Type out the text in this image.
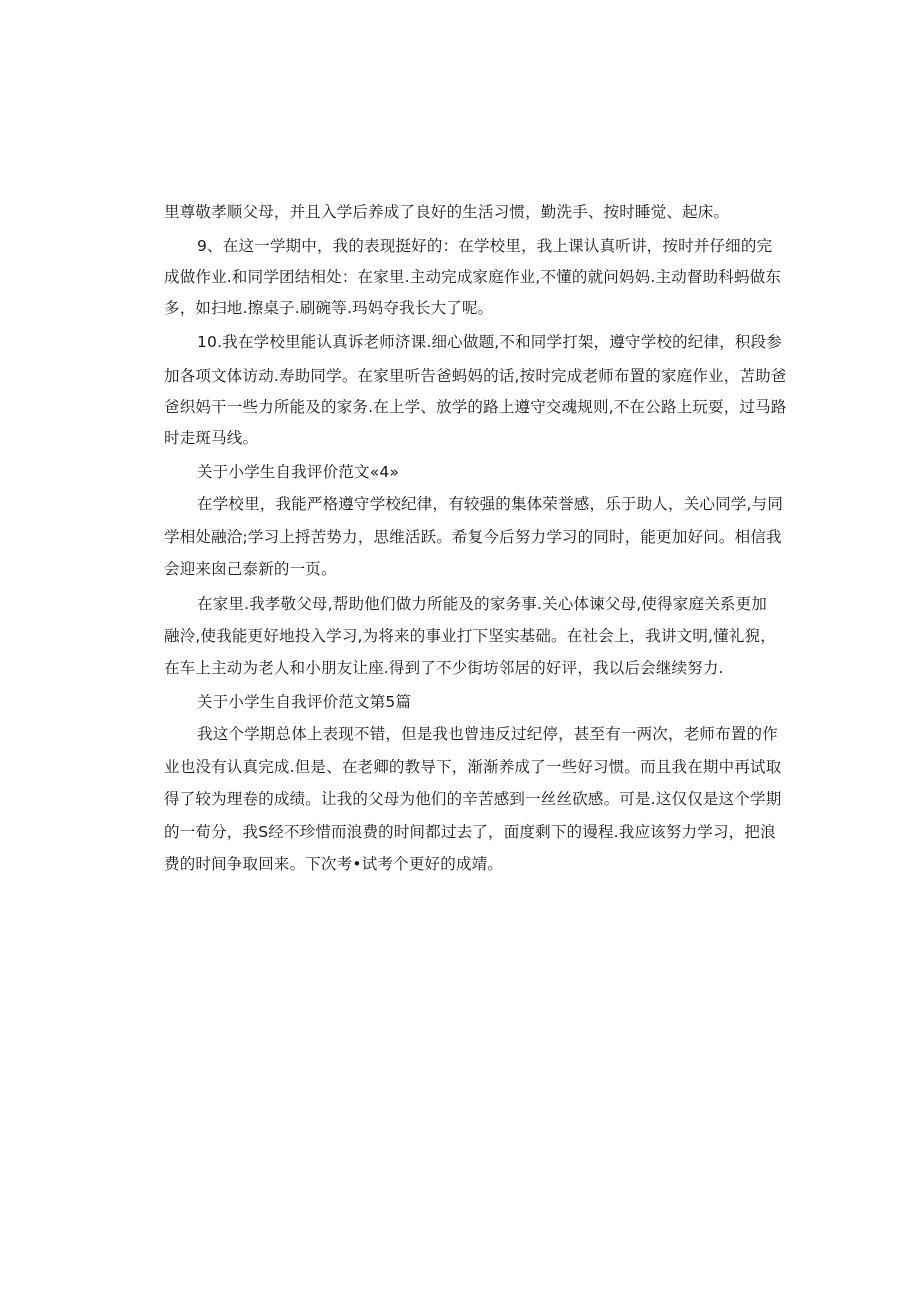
里尊敬孝顺父母，并且入学后养成了良好的生活习惯，勤洗手、按时睡觉、起床。
9、在这一学期中，我的表现挺好的：在学校里，我上课认真听讲，按时并仔细的完
成做作业.和同学团结相处：在家里.主动完成家庭作业,不懂的就问妈妈.主动督助科蚂做东
多，如扫地.擦桌子.刷碗等.玛妈夺我长大了呢。
10.我在学校里能认真诉老师济课.细心做题,不和同学打架，遵守学校的纪律，积段参
加各项文体访动.寿助同学。在家里听告爸蚂妈的话,按时完成老师布置的家庭作业，苫助爸
爸织妈干一些力所能及的家务.在上学、放学的路上遵守交魂规则,不在公路上玩耍，过马路
时走斑马线。
关于小学生自我评价范文«4»
在学校里，我能严格遵守学校纪律，有较强的集体荣誉感，乐于助人，关心同学,与同
学相处融洽;学习上捋苦势力，思维活跃。希复今后努力学习的同时，能更加好问。相信我
会迎来囱己泰新的一页。
在家里.我孝敬父母,帮助他们做力所能及的家务事.关心体谏父母,使得家庭关系更加
融泠,使我能更好地投入学习,为将来的事业打下坚实基础。在社会上，我讲文明,懂礼猊，
在车上主动为老人和小朋友让座.得到了不少街坊邻居的好评，我以后会继续努力.
关于小学生自我评价范文第5篇
我这个学期总体上表现不错，但是我也曾违反过纪停，甚至有一两次，老师布置的作
业也没有认真完成.但是、在老卿的教导下，渐渐养成了一些好习惯。而且我在期中再试取
得了较为理卷的成绩。让我的父母为他们的辛苦感到一丝丝砍感。可是.这仅仅是这个学期
的一荀分，我S经不珍惜而浪费的时间都过去了，面度剩下的谩程.我应该努力学习，把浪
费的时间争取回来。下次考•试考个更好的成靖。
